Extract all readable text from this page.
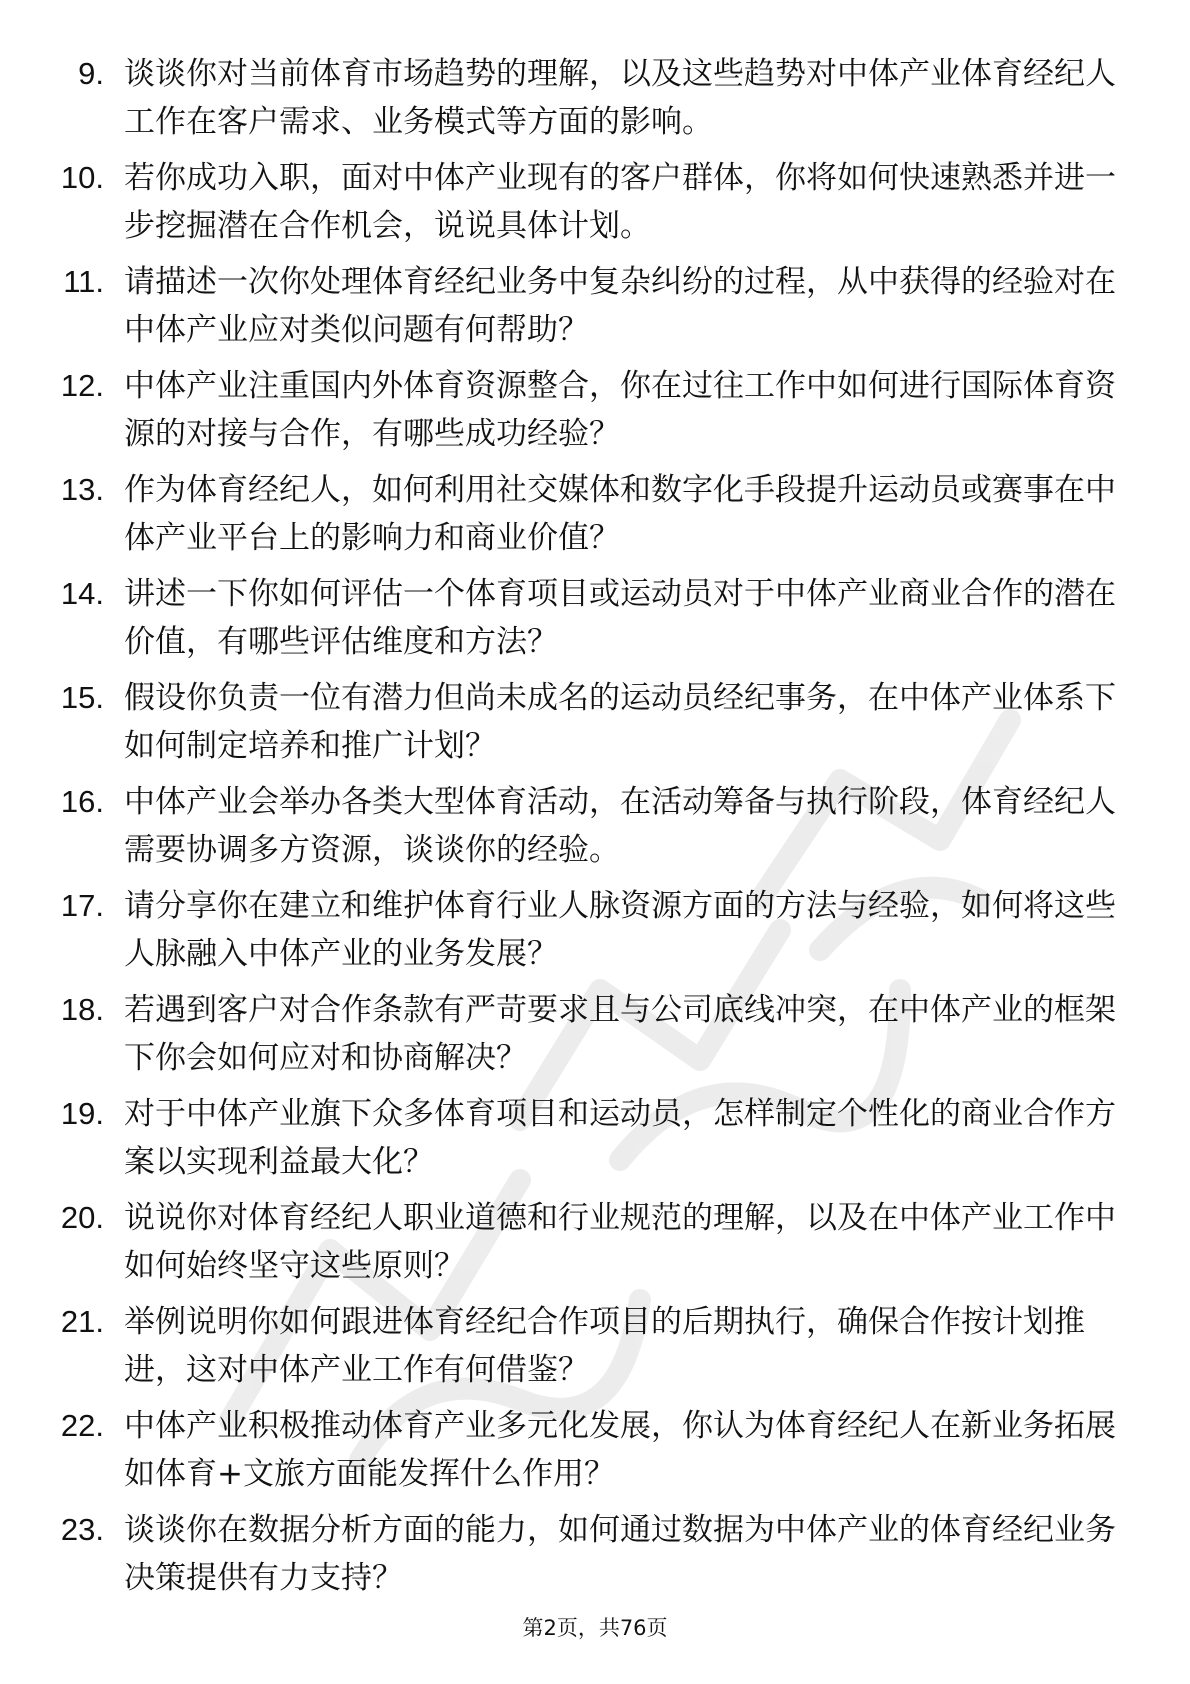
9. 谈谈你对当前体育市场趋势的理解，以及这些趋势对中体产业体育经纪人工作在客户需求、业务模式等方面的影响。
10. 若你成功入职，面对中体产业现有的客户群体，你将如何快速熟悉并进一步挖掘潜在合作机会，说说具体计划。
11. 请描述一次你处理体育经纪业务中复杂纠纷的过程，从中获得的经验对在中体产业应对类似问题有何帮助？
12. 中体产业注重国内外体育资源整合，你在过往工作中如何进行国际体育资源的对接与合作，有哪些成功经验？
13. 作为体育经纪人，如何利用社交媒体和数字化手段提升运动员或赛事在中体产业平台上的影响力和商业价值？
14. 讲述一下你如何评估一个体育项目或运动员对于中体产业商业合作的潜在价值，有哪些评估维度和方法？
15. 假设你负责一位有潜力但尚未成名的运动员经纪事务，在中体产业体系下如何制定培养和推广计划？
16. 中体产业会举办各类大型体育活动，在活动筹备与执行阶段，体育经纪人需要协调多方资源，谈谈你的经验。
17. 请分享你在建立和维护体育行业人脉资源方面的方法与经验，如何将这些人脉融入中体产业的业务发展？
18. 若遇到客户对合作条款有严苛要求且与公司底线冲突，在中体产业的框架下你会如何应对和协商解决？
19. 对于中体产业旗下众多体育项目和运动员，怎样制定个性化的商业合作方案以实现利益最大化？
20. 说说你对体育经纪人职业道德和行业规范的理解，以及在中体产业工作中如何始终坚守这些原则？
21. 举例说明你如何跟进体育经纪合作项目的后期执行，确保合作按计划推进，这对中体产业工作有何借鉴？
22. 中体产业积极推动体育产业多元化发展，你认为体育经纪人在新业务拓展如体育+文旅方面能发挥什么作用？
23. 谈谈你在数据分析方面的能力，如何通过数据为中体产业的体育经纪业务决策提供有力支持？
第2页，共76页
